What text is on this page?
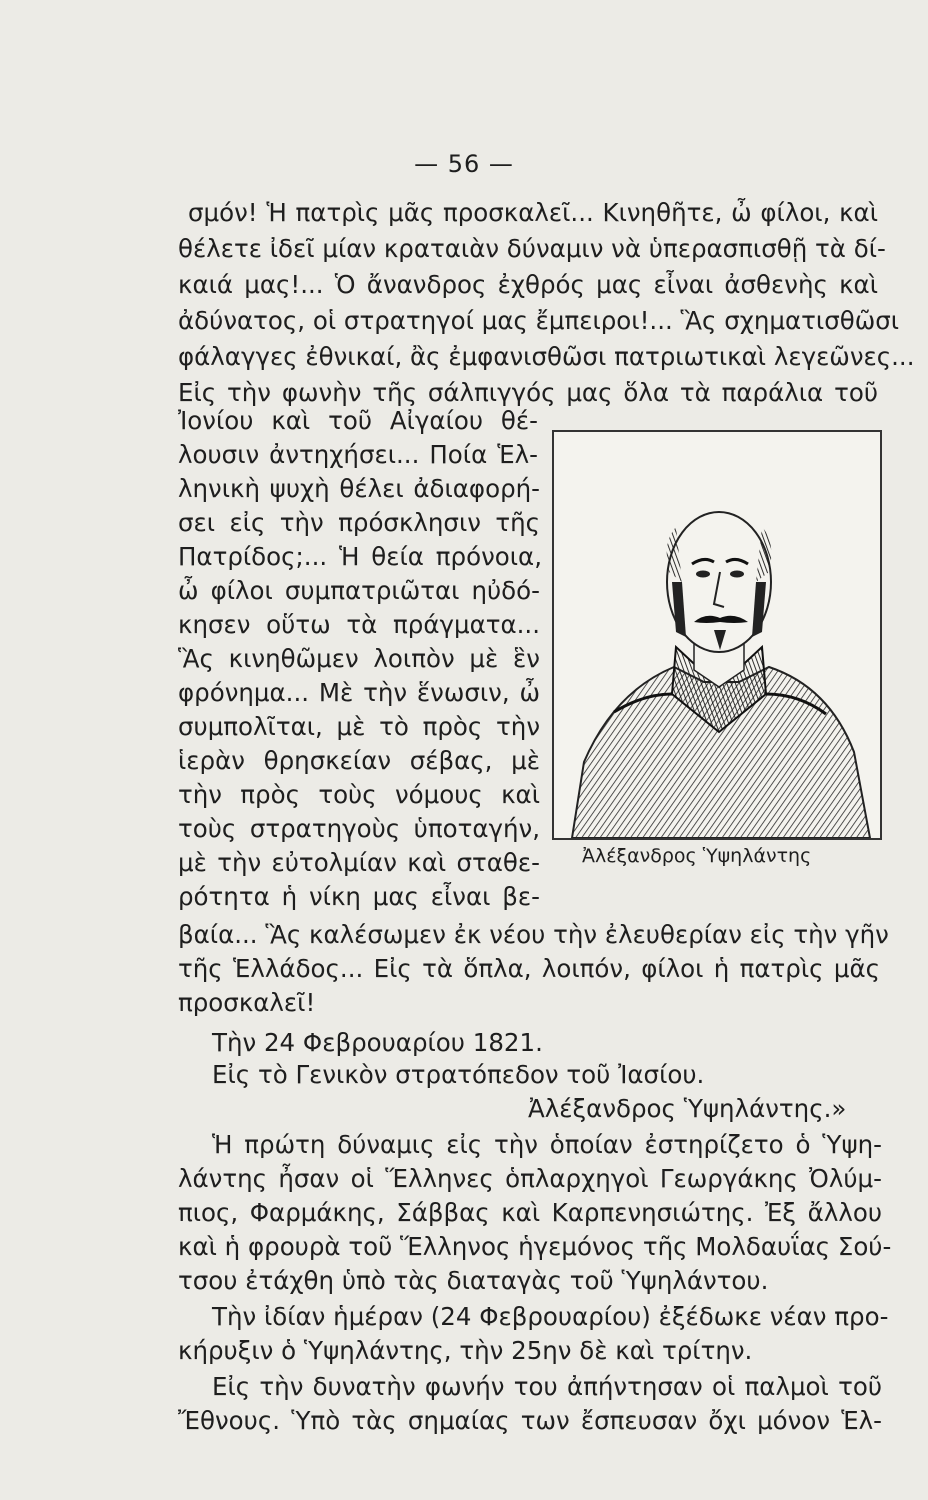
— 56 —
σμόν! Ἡ πατρὶς μᾶς προσκαλεῖ... Κινηθῆτε, ὦ φίλοι, καὶ
θέλετε ἰδεῖ μίαν κραταιὰν δύναμιν νὰ ὑπερασπισθῇ τὰ δί-
καιά μας!... Ὁ ἄνανδρος ἐχθρός μας εἶναι ἀσθενὴς καὶ
ἀδύνατος, οἱ στρατηγοί μας ἔμπειροι!... Ἃς σχηματισθῶσι
φάλαγγες ἐθνικαί, ἂς ἐμφανισθῶσι πατριωτικαὶ λεγεῶνες...
Εἰς τὴν φωνὴν τῆς σάλπιγγός μας ὅλα τὰ παράλια τοῦ
Ἰονίου καὶ τοῦ Αἰγαίου θέ-
λουσιν ἀντηχήσει... Ποία Ἑλ-
ληνικὴ ψυχὴ θέλει ἀδιαφορή-
σει εἰς τὴν πρόσκλησιν τῆς
Πατρίδος;... Ἡ θεία πρόνοια,
ὦ φίλοι συμπατριῶται ηὐδό-
κησεν οὕτω τὰ πράγματα...
Ἃς κινηθῶμεν λοιπὸν μὲ ἓν
φρόνημα... Μὲ τὴν ἕνωσιν, ὦ
συμπολῖται, μὲ τὸ πρὸς τὴν
ἱερὰν θρησκείαν σέβας, μὲ
τὴν πρὸς τοὺς νόμους καὶ
τοὺς στρατηγοὺς ὑποταγήν,
μὲ τὴν εὐτολμίαν καὶ σταθε-
ρότητα ἡ νίκη μας εἶναι βε-
Ἀλέξανδρος Ὑψηλάντης
βαία... Ἃς καλέσωμεν ἐκ νέου τὴν ἐλευθερίαν εἰς τὴν γῆν
τῆς Ἑλλάδος... Εἰς τὰ ὅπλα, λοιπόν, φίλοι ἡ πατρὶς μᾶς
προσκαλεῖ!
Τὴν 24 Φεβρουαρίου 1821.
Εἰς τὸ Γενικὸν στρατόπεδον τοῦ Ἰασίου.
Ἀλέξανδρος Ὑψηλάντης.»
Ἡ πρώτη δύναμις εἰς τὴν ὁποίαν ἐστηρίζετο ὁ Ὑψη-
λάντης ἦσαν οἱ Ἕλληνες ὁπλαρχηγοὶ Γεωργάκης Ὀλύμ-
πιος, Φαρμάκης, Σάββας καὶ Καρπενησιώτης. Ἐξ ἄλλου
καὶ ἡ φρουρὰ τοῦ Ἕλληνος ἡγεμόνος τῆς Μολδαυΐας Σού-
τσου ἐτάχθη ὑπὸ τὰς διαταγὰς τοῦ Ὑψηλάντου.
Τὴν ἰδίαν ἡμέραν (24 Φεβρουαρίου) ἐξέδωκε νέαν προ-
κήρυξιν ὁ Ὑψηλάντης, τὴν 25ην δὲ καὶ τρίτην.
Εἰς τὴν δυνατὴν φωνήν του ἀπήντησαν οἱ παλμοὶ τοῦ
Ἔθνους. Ὑπὸ τὰς σημαίας των ἔσπευσαν ὄχι μόνον Ἑλ-
